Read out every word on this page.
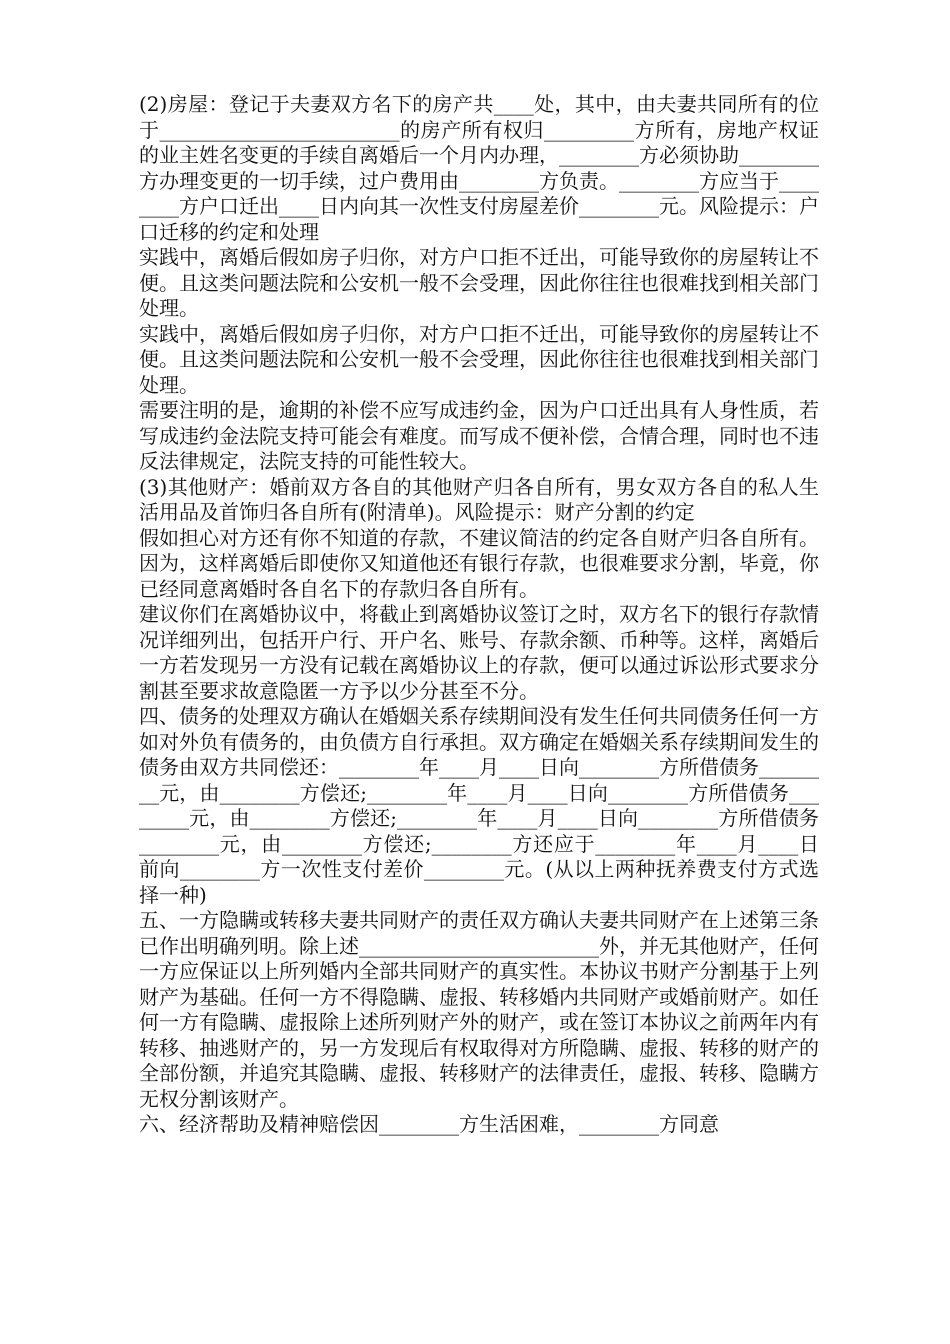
(2)房屋：登记于夫妻双方名下的房产共____处，其中，由夫妻共同所有的位于________________________的房产所有权归_________方所有，房地产权证的业主姓名变更的手续自离婚后一个月内办理，________方必须协助________方办理变更的一切手续，过户费用由________方负责。________方应当于________方户口迁出____日内向其一次性支付房屋差价________元。风险提示：户口迁移的约定和处理

实践中，离婚后假如房子归你，对方户口拒不迁出，可能导致你的房屋转让不便。且这类问题法院和公安机一般不会受理，因此你往往也很难找到相关部门处理。

实践中，离婚后假如房子归你，对方户口拒不迁出，可能导致你的房屋转让不便。且这类问题法院和公安机一般不会受理，因此你往往也很难找到相关部门处理。

需要注明的是，逾期的补偿不应写成违约金，因为户口迁出具有人身性质，若写成违约金法院支持可能会有难度。而写成不便补偿，合情合理，同时也不违反法律规定，法院支持的可能性较大。

(3)其他财产：婚前双方各自的其他财产归各自所有，男女双方各自的私人生活用品及首饰归各自所有(附清单)。风险提示：财产分割的约定

假如担心对方还有你不知道的存款，不建议简洁的约定各自财产归各自所有。因为，这样离婚后即使你又知道他还有银行存款，也很难要求分割，毕竟，你已经同意离婚时各自名下的存款归各自所有。

建议你们在离婚协议中，将截止到离婚协议签订之时，双方名下的银行存款情况详细列出，包括开户行、开户名、账号、存款余额、币种等。这样，离婚后一方若发现另一方没有记载在离婚协议上的存款，便可以通过诉讼形式要求分割甚至要求故意隐匿一方予以少分甚至不分。

四、债务的处理双方确认在婚姻关系存续期间没有发生任何共同债务任何一方如对外负有债务的，由负债方自行承担。双方确定在婚姻关系存续期间发生的债务由双方共同偿还：________年____月____日向________方所借债务________元，由________方偿还;________年____月____日向________方所借债务________元，由________方偿还;________年____月____日向________方所借债务________元，由________方偿还;________方还应于________年____月____日前向________方一次性支付差价________元。(从以上两种抚养费支付方式选择一种)

五、一方隐瞒或转移夫妻共同财产的责任双方确认夫妻共同财产在上述第三条已作出明确列明。除上述________________________外，并无其他财产，任何一方应保证以上所列婚内全部共同财产的真实性。本协议书财产分割基于上列财产为基础。任何一方不得隐瞒、虚报、转移婚内共同财产或婚前财产。如任何一方有隐瞒、虚报除上述所列财产外的财产，或在签订本协议之前两年内有转移、抽逃财产的，另一方发现后有权取得对方所隐瞒、虚报、转移的财产的全部份额，并追究其隐瞒、虚报、转移财产的法律责任，虚报、转移、隐瞒方无权分割该财产。

六、经济帮助及精神赔偿因________方生活困难，________方同意
